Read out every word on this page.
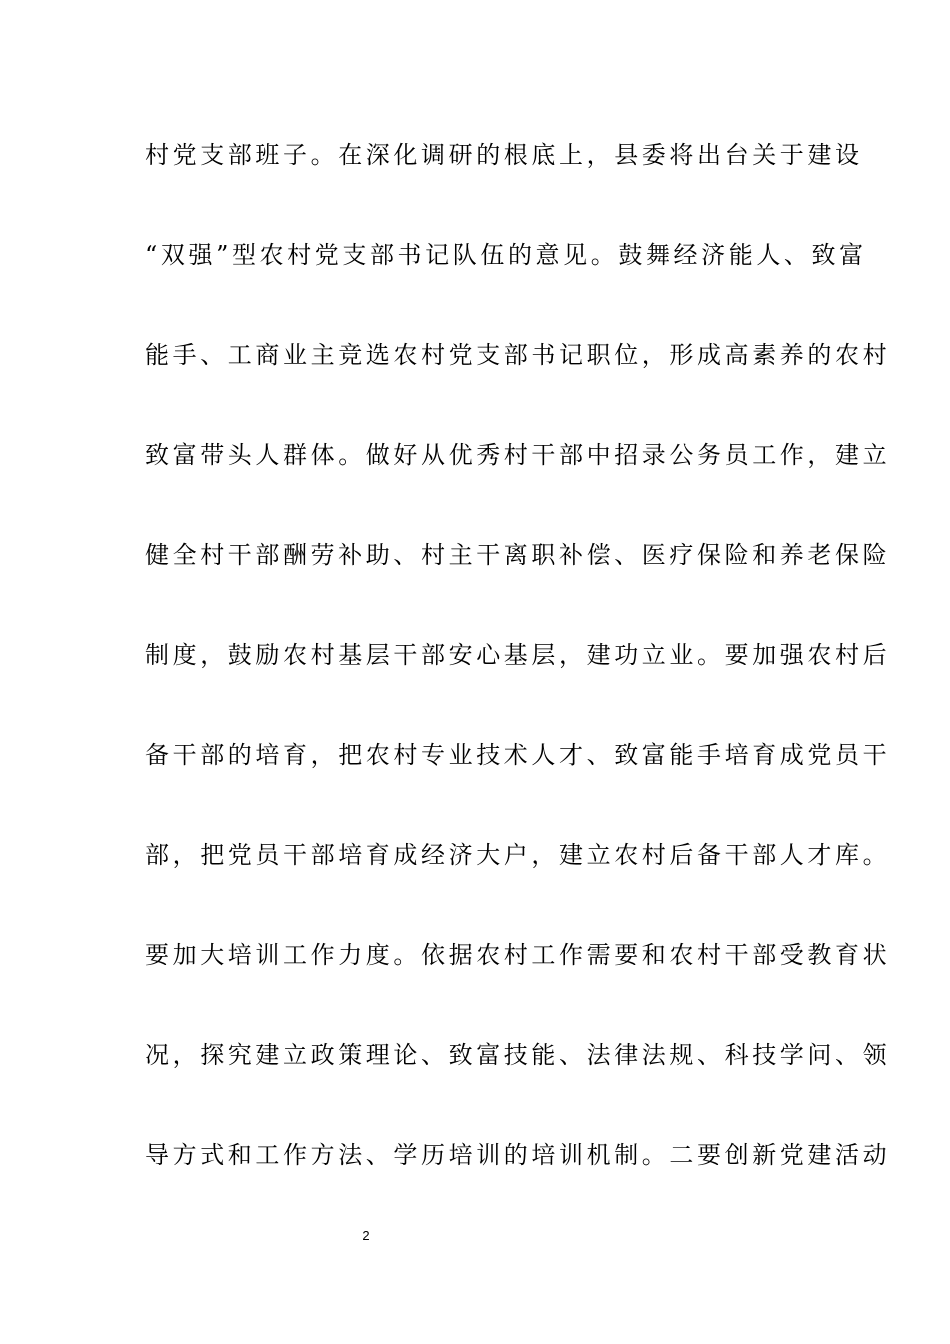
村党支部班子。在深化调研的根底上，县委将出台关于建设
“双强”型农村党支部书记队伍的意见。鼓舞经济能人、致富
能手、工商业主竞选农村党支部书记职位，形成高素养的农村
致富带头人群体。做好从优秀村干部中招录公务员工作，建立
健全村干部酬劳补助、村主干离职补偿、医疗保险和养老保险
制度，鼓励农村基层干部安心基层，建功立业。要加强农村后
备干部的培育，把农村专业技术人才、致富能手培育成党员干
部，把党员干部培育成经济大户，建立农村后备干部人才库。
要加大培训工作力度。依据农村工作需要和农村干部受教育状
况，探究建立政策理论、致富技能、法律法规、科技学问、领
导方式和工作方法、学历培训的培训机制。二要创新党建活动
2
